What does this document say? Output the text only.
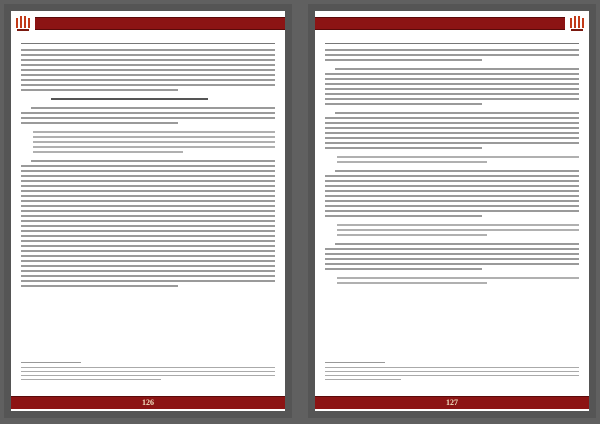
126	127
